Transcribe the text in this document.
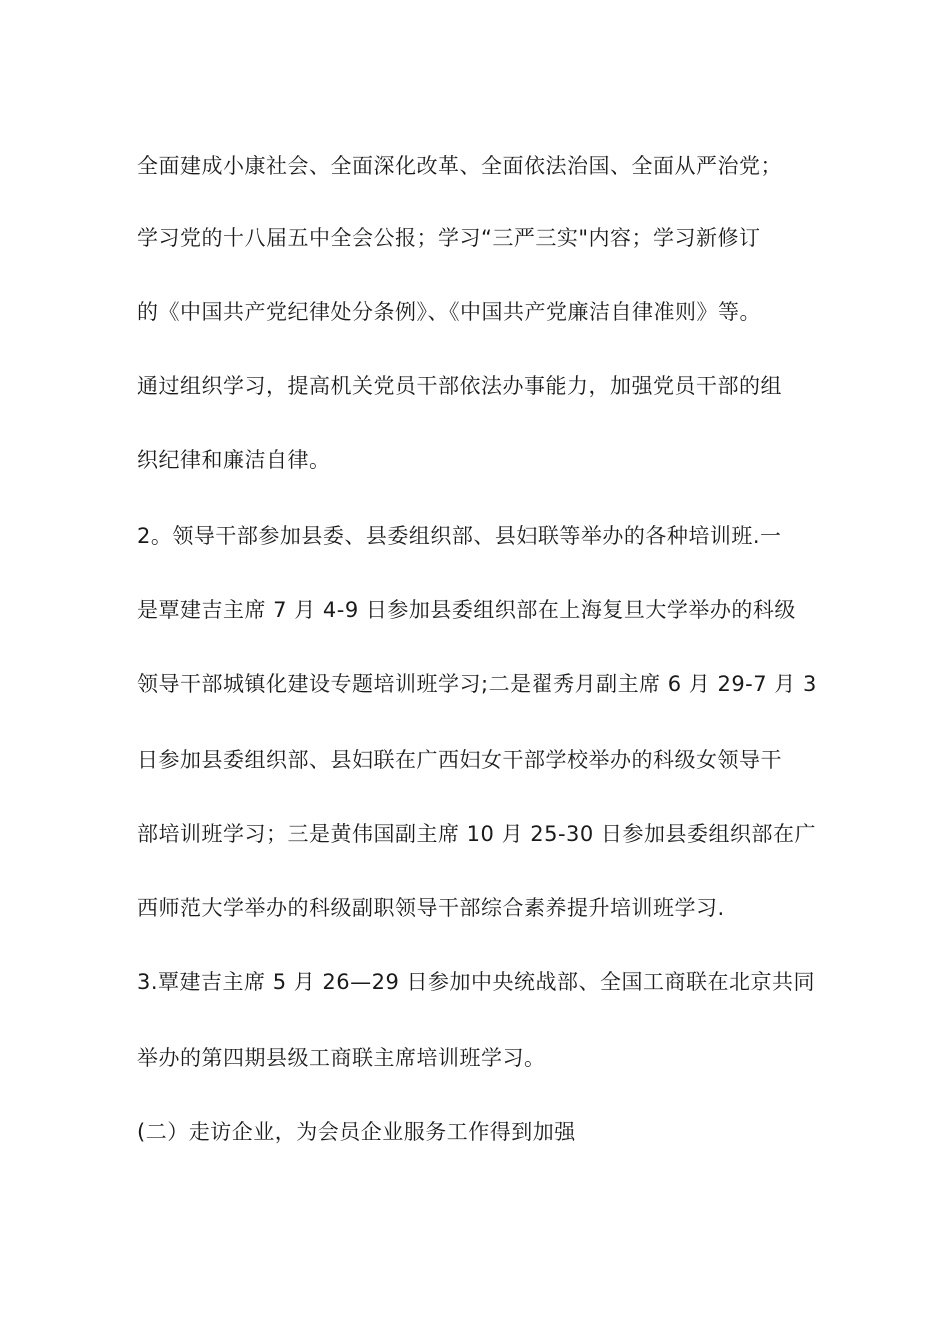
全面建成小康社会、全面深化改革、全面依法治国、全面从严治党；
学习党的十八届五中全会公报；学习“三严三实"内容；学习新修订
的《中国共产党纪律处分条例》、《中国共产党廉洁自律准则》等。
通过组织学习，提高机关党员干部依法办事能力，加强党员干部的组
织纪律和廉洁自律。
2。领导干部参加县委、县委组织部、县妇联等举办的各种培训班.一
是覃建吉主席 7 月 4-9 日参加县委组织部在上海复旦大学举办的科级
领导干部城镇化建设专题培训班学习;二是翟秀月副主席 6 月 29-7 月 3
日参加县委组织部、县妇联在广西妇女干部学校举办的科级女领导干
部培训班学习；三是黄伟国副主席 10 月 25-30 日参加县委组织部在广
西师范大学举办的科级副职领导干部综合素养提升培训班学习.
3.覃建吉主席 5 月 26—29 日参加中央统战部、全国工商联在北京共同
举办的第四期县级工商联主席培训班学习。
(二）走访企业，为会员企业服务工作得到加强
